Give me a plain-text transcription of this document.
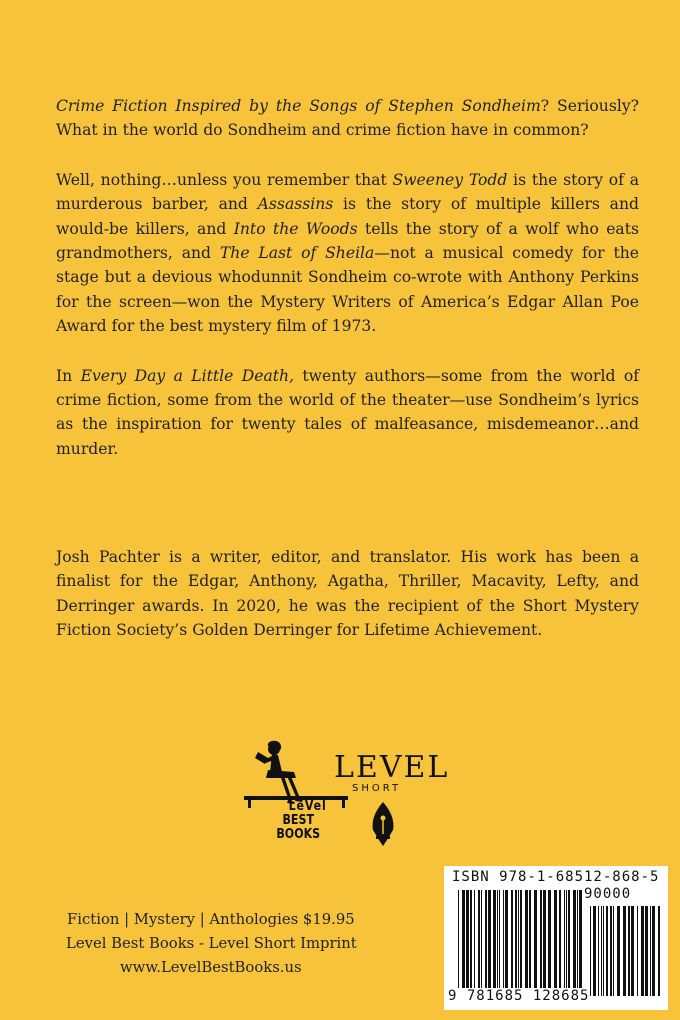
Crime Fiction Inspired by the Songs of Stephen Sondheim? Seriously? What in the world do Sondheim and crime fiction have in common?

Well, nothing…unless you remember that Sweeney Todd is the story of a murderous barber, and Assassins is the story of multiple killers and would-be killers, and Into the Woods tells the story of a wolf who eats grandmothers, and The Last of Sheila—not a musical comedy for the stage but a devious whodunnit Sondheim co-wrote with Anthony Perkins for the screen—won the Mystery Writers of America’s Edgar Allan Poe Award for the best mystery film of 1973.

In Every Day a Little Death, twenty authors—some from the world of crime fiction, some from the world of the theater—use Sondheim’s lyrics as the inspiration for twenty tales of malfeasance, misdemeanor…and murder.

Josh Pachter is a writer, editor, and translator. His work has been a finalist for the Edgar, Anthony, Agatha, Thriller, Macavity, Lefty, and Derringer awards. In 2020, he was the recipient of the Short Mystery Fiction Society’s Golden Derringer for Lifetime Achievement.

LeVel
BEST BOOKS
LEVEL
SHORT
Fiction | Mystery | Anthologies $19.95
Level Best Books - Level Short Imprint
www.LevelBestBooks.us
ISBN 978-1-68512-868-5
90000
9 781685 128685
